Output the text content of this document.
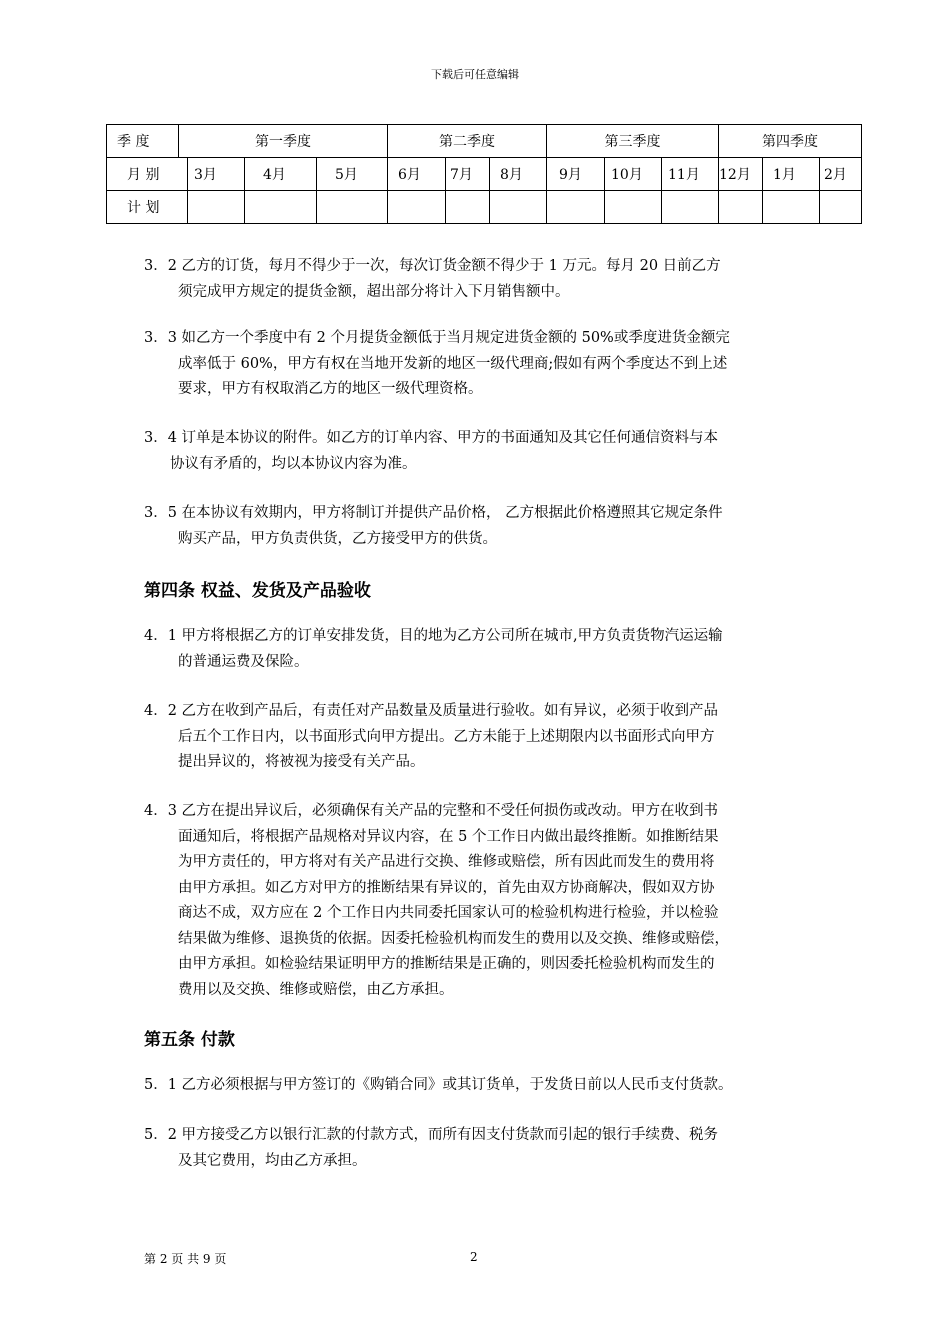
下载后可任意编辑
季 度	第一季度				第二季度			第三季度			第四季度		
月 别		3月	4月	5月	6月	7月	8月	9月	10月	11月	12月	1月	2月
计 划													
3．2 乙方的订货，每月不得少于一次，每次订货金额不得少于 1 万元。每月 20 日前乙方
须完成甲方规定的提货金额，超出部分将计入下月销售额中。
3．3 如乙方一个季度中有 2 个月提货金额低于当月规定进货金额的 50%或季度进货金额完
成率低于 60%，甲方有权在当地开发新的地区一级代理商;假如有两个季度达不到上述
要求，甲方有权取消乙方的地区一级代理资格。
3．4 订单是本协议的附件。如乙方的订单内容、甲方的书面通知及其它任何通信资料与本
协议有矛盾的，均以本协议内容为准。
3．5 在本协议有效期内，甲方将制订并提供产品价格， 乙方根据此价格遵照其它规定条件
购买产品，甲方负责供货，乙方接受甲方的供货。
第四条 权益、发货及产品验收
4．1 甲方将根据乙方的订单安排发货，目的地为乙方公司所在城市,甲方负责货物汽运运输
的普通运费及保险。
4．2 乙方在收到产品后，有责任对产品数量及质量进行验收。如有异议，必须于收到产品
后五个工作日内，以书面形式向甲方提出。乙方未能于上述期限内以书面形式向甲方
提出异议的，将被视为接受有关产品。
4．3 乙方在提出异议后，必须确保有关产品的完整和不受任何损伤或改动。甲方在收到书
面通知后，将根据产品规格对异议内容，在 5 个工作日内做出最终推断。如推断结果
为甲方责任的，甲方将对有关产品进行交换、维修或赔偿，所有因此而发生的费用将
由甲方承担。如乙方对甲方的推断结果有异议的，首先由双方协商解决，假如双方协
商达不成，双方应在 2 个工作日内共同委托国家认可的检验机构进行检验，并以检验
结果做为维修、退换货的依据。因委托检验机构而发生的费用以及交换、维修或赔偿，
由甲方承担。如检验结果证明甲方的推断结果是正确的，则因委托检验机构而发生的
费用以及交换、维修或赔偿，由乙方承担。
第五条 付款
5．1 乙方必须根据与甲方签订的《购销合同》或其订货单，于发货日前以人民币支付货款。
5．2 甲方接受乙方以银行汇款的付款方式，而所有因支付货款而引起的银行手续费、税务
及其它费用，均由乙方承担。
第 2 页 共 9 页	2
